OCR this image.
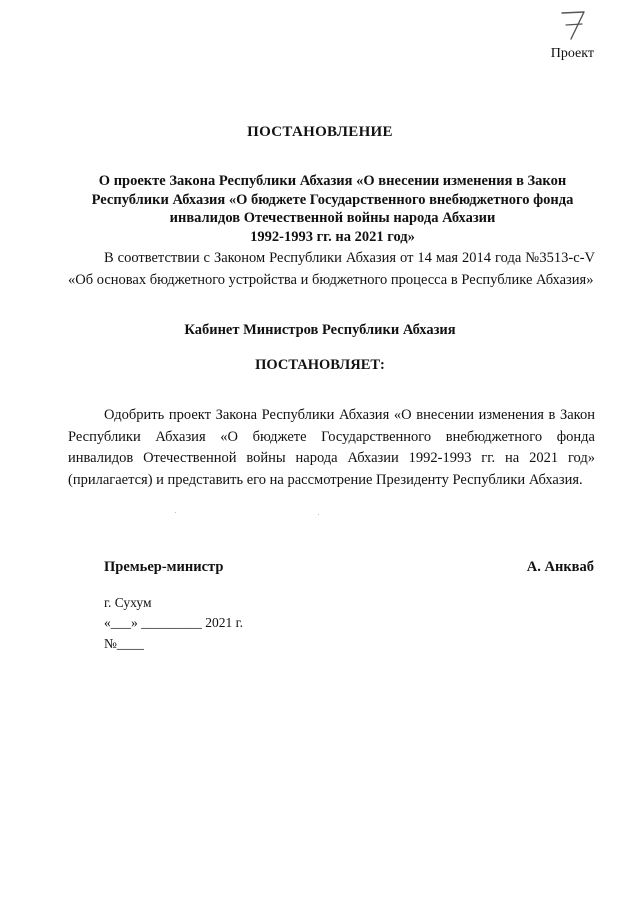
Проект
ПОСТАНОВЛЕНИЕ
О проекте Закона Республики Абхазия «О внесении изменения в Закон
Республики Абхазия «О бюджете Государственного внебюджетного фонда
инвалидов Отечественной войны народа Абхазии
1992-1993 гг. на 2021 год»
В соответствии с Законом Республики Абхазия от 14 мая 2014 года №3513-с-V «Об основах бюджетного устройства и бюджетного процесса в Республике Абхазия»
Кабинет Министров Республики Абхазия
ПОСТАНОВЛЯЕТ:
Одобрить проект Закона Республики Абхазия «О внесении изменения в Закон Республики Абхазия «О бюджете Государственного внебюджетного фонда инвалидов Отечественной войны народа Абхазии 1992-1993 гг. на 2021 год» (прилагается) и представить его на рассмотрение Президенту Республики Абхазия.
Премьер-министр	А. Анкваб
г. Сухум
«___» _________ 2021 г.
№____
